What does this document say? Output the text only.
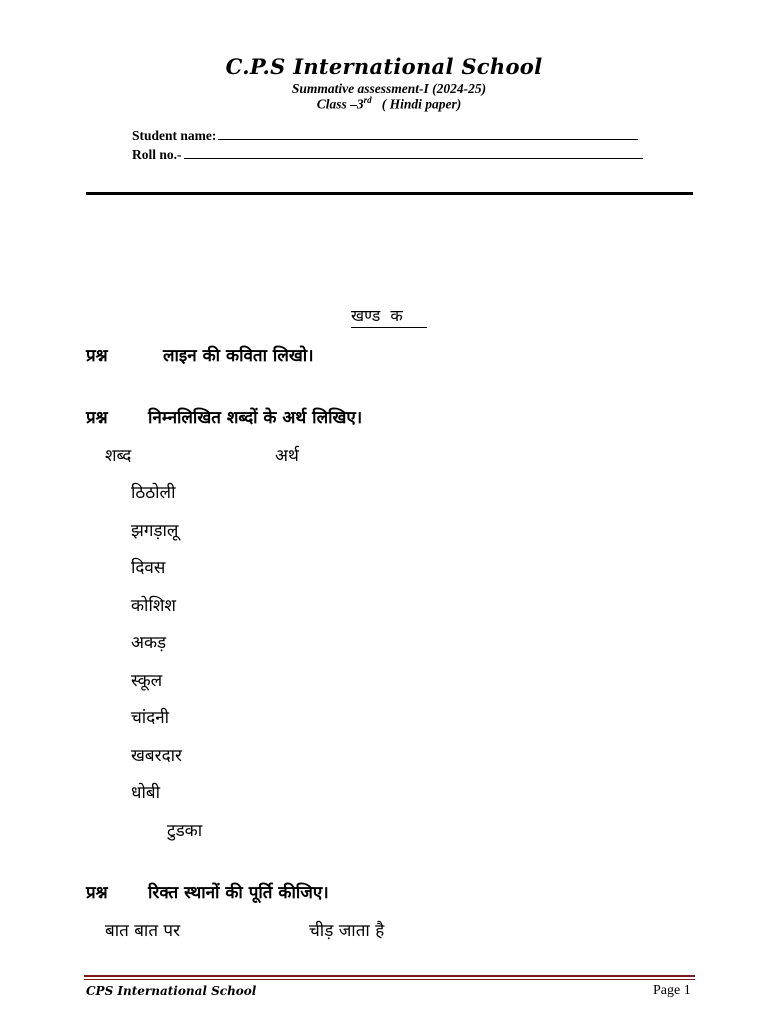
C.P.S International School
Summative assessment-I (2024-25)
Class –3rd   ( Hindi paper)
Student name:
Roll no.-
खण्ड  क
प्रश्न	लाइन की कविता लिखो।
प्रश्न निम्नलिखित शब्दों के अर्थ लिखिए।
शब्द	अर्थ
ठिठोली
झगड़ालू
दिवस
कोशिश
अकड़
स्कूल
चांदनी
खबरदार
धोबी
टुडका
प्रश्न रिक्त स्थानों की पूर्ति कीजिए।
बात बात पर	चीड़ जाता है
CPS International School	Page 1
